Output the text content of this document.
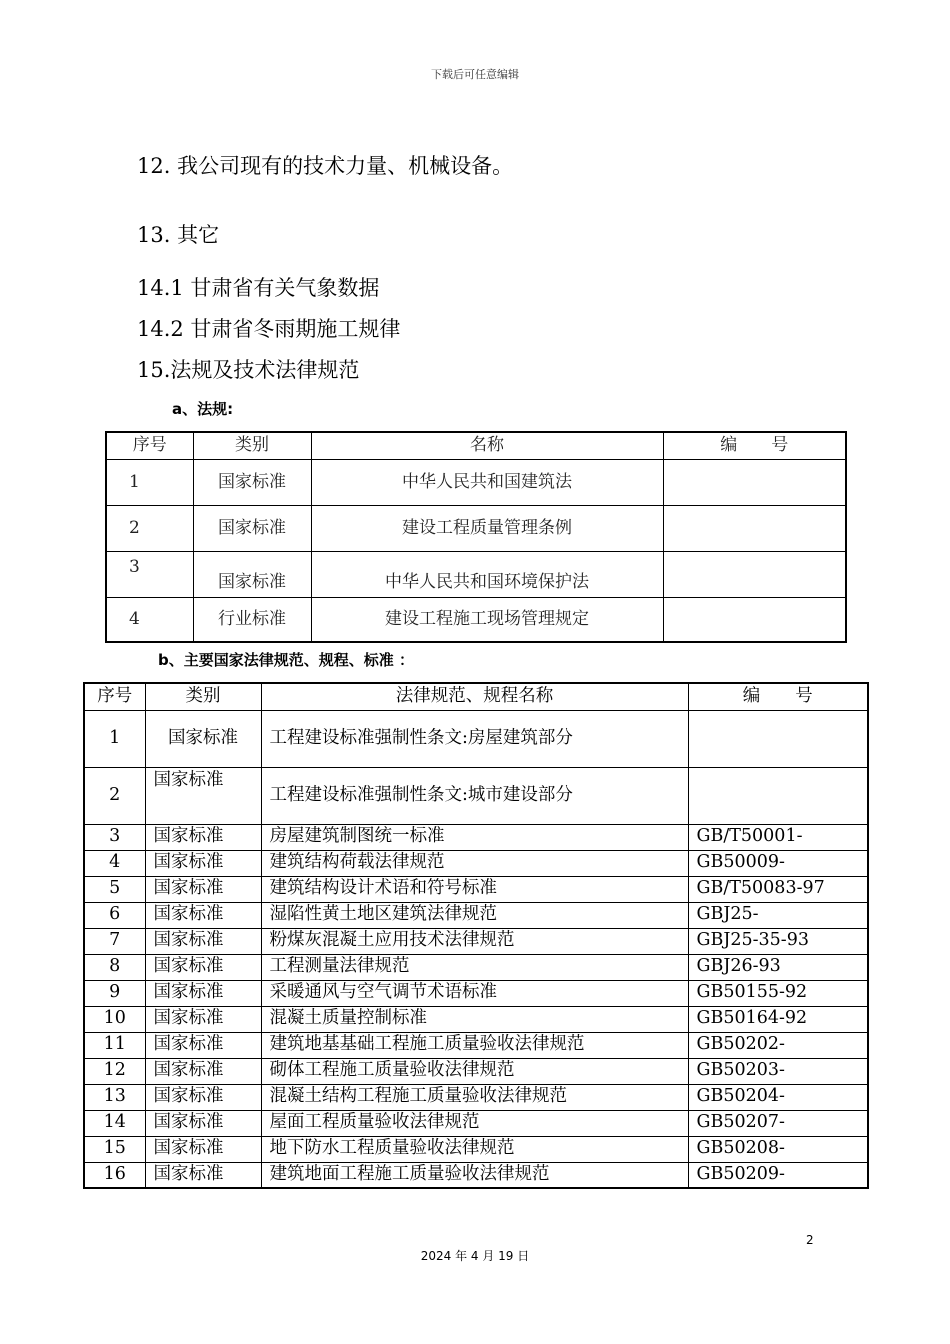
下载后可任意编辑
12. 我公司现有的技术力量、机械设备。
13. 其它
14.1 甘肃省有关气象数据
14.2 甘肃省冬雨期施工规律
15.法规及技术法律规范
a、法规:
序号	类别	名称	编　　号
1	国家标准	中华人民共和国建筑法	
2	国家标准	建设工程质量管理条例	
3	国家标准	中华人民共和国环境保护法	
4	行业标准	建设工程施工现场管理规定	
b、主要国家法律规范、规程、标准 ：
序号	类别	法律规范、规程名称	编　　号
1	国家标准	工程建设标准强制性条文:房屋建筑部分	
2	国家标准	工程建设标准强制性条文:城市建设部分	
3	国家标准	房屋建筑制图统一标准	GB/T50001-
4	国家标准	建筑结构荷载法律规范	GB50009-
5	国家标准	建筑结构设计术语和符号标准	GB/T50083-97
6	国家标准	湿陷性黄土地区建筑法律规范	GBJ25-
7	国家标准	粉煤灰混凝土应用技术法律规范	GBJ25-35-93
8	国家标准	工程测量法律规范	GBJ26-93
9	国家标准	采暖通风与空气调节术语标准	GB50155-92
10	国家标准	混凝土质量控制标准	GB50164-92
11	国家标准	建筑地基基础工程施工质量验收法律规范	GB50202-
12	国家标准	砌体工程施工质量验收法律规范	GB50203-
13	国家标准	混凝土结构工程施工质量验收法律规范	GB50204-
14	国家标准	屋面工程质量验收法律规范	GB50207-
15	国家标准	地下防水工程质量验收法律规范	GB50208-
16	国家标准	建筑地面工程施工质量验收法律规范	GB50209-
2
2024 年 4 月 19 日
